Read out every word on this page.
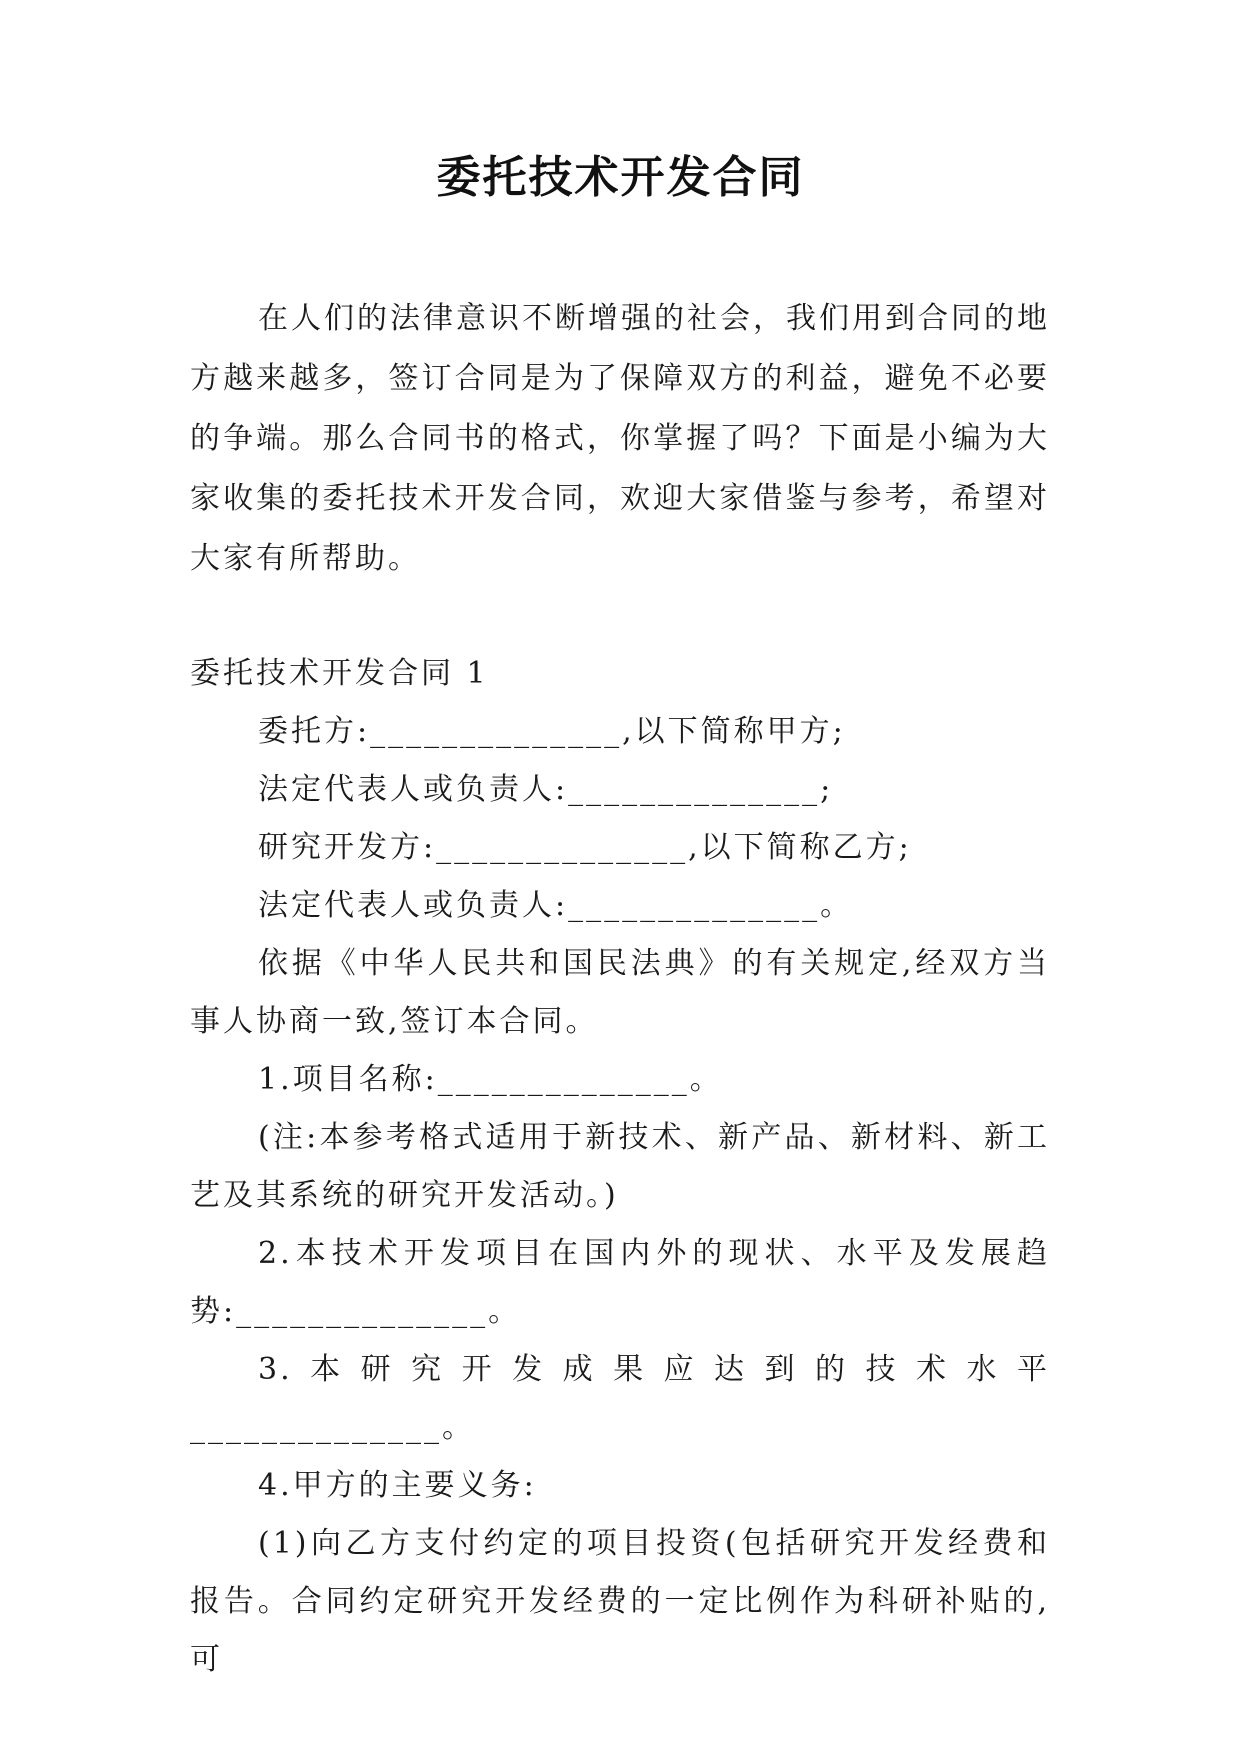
委托技术开发合同

在人们的法律意识不断增强的社会，我们用到合同的地方越来越多，签订合同是为了保障双方的利益，避免不必要的争端。那么合同书的格式，你掌握了吗？下面是小编为大家收集的委托技术开发合同，欢迎大家借鉴与参考，希望对大家有所帮助。

委托技术开发合同 1

委托方:______________,以下简称甲方;

法定代表人或负责人:______________;

研究开发方:______________,以下简称乙方;

法定代表人或负责人:______________。

依据《中华人民共和国民法典》的有关规定,经双方当事人协商一致,签订本合同。

1.项目名称:______________。

(注:本参考格式适用于新技术、新产品、新材料、新工艺及其系统的研究开发活动。)

2.本技术开发项目在国内外的现状、水平及发展趋势:______________。

3.本研究开发成果应达到的技术水平______________。

4.甲方的主要义务:

(1)向乙方支付约定的项目投资(包括研究开发经费和报告。合同约定研究开发经费的一定比例作为科研补贴的,可
